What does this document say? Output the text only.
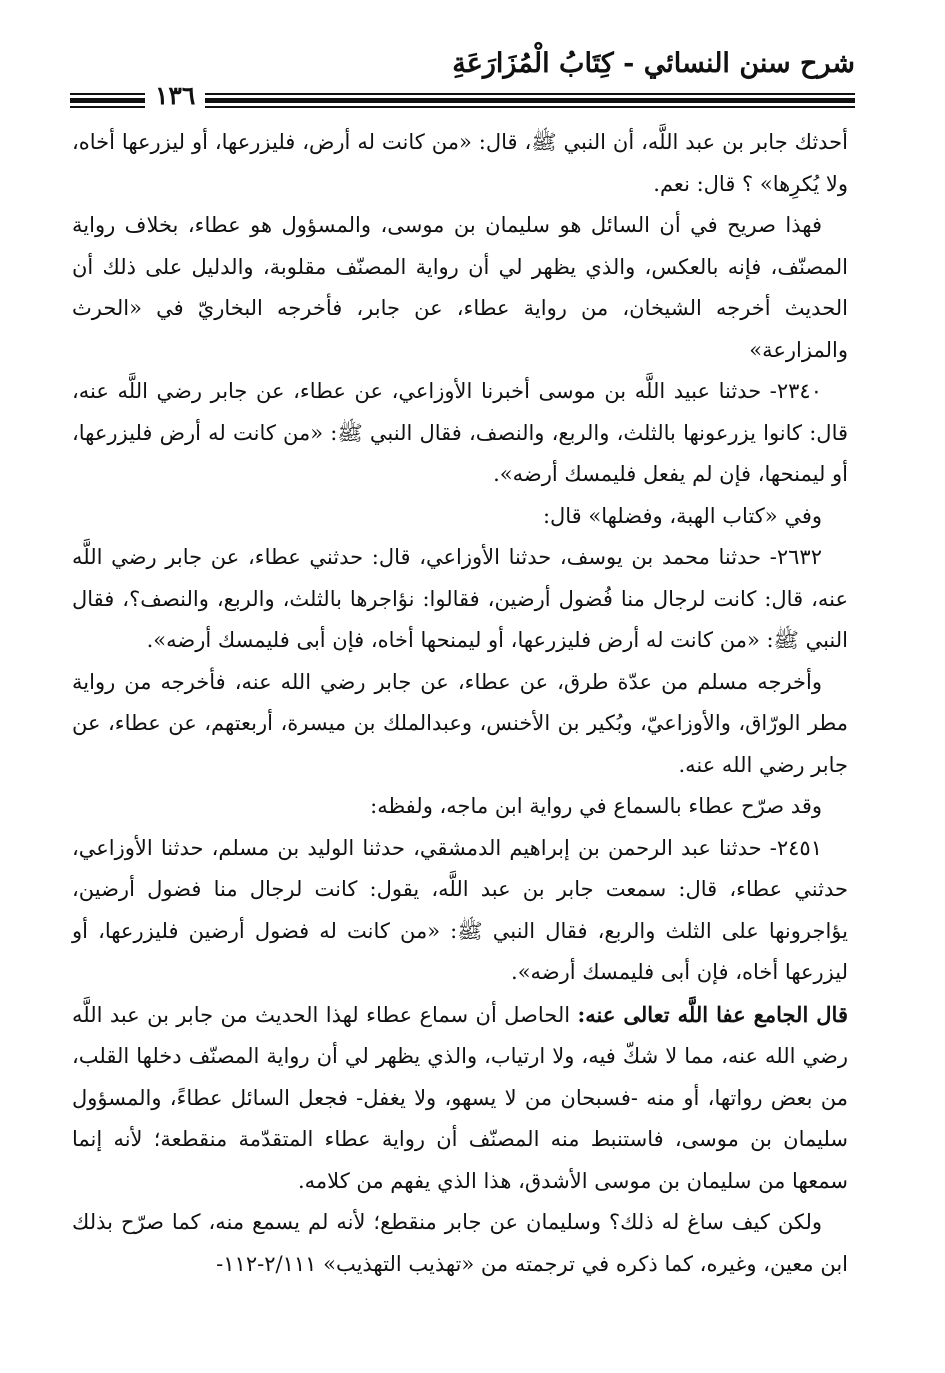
شرح سنن النسائي - كِتَابُ الْمُزَارَعَةِ
١٣٦

أحدثك جابر بن عبد اللَّه، أن النبي ﷺ، قال: «من كانت له أرض، فليزرعها، أو ليزرعها أخاه، ولا يُكرِها» ؟ قال: نعم.

فهذا صريح في أن السائل هو سليمان بن موسى، والمسؤول هو عطاء، بخلاف رواية المصنّف، فإنه بالعكس، والذي يظهر لي أن رواية المصنّف مقلوبة، والدليل على ذلك أن الحديث أخرجه الشيخان، من رواية عطاء، عن جابر، فأخرجه البخاريّ في «الحرث والمزارعة»

٢٣٤٠- حدثنا عبيد اللَّه بن موسى أخبرنا الأوزاعي، عن عطاء، عن جابر رضي اللَّه عنه، قال: كانوا يزرعونها بالثلث، والربع، والنصف، فقال النبي ﷺ: «من كانت له أرض فليزرعها، أو ليمنحها، فإن لم يفعل فليمسك أرضه».

وفي «كتاب الهبة، وفضلها» قال:

٢٦٣٢- حدثنا محمد بن يوسف، حدثنا الأوزاعي، قال: حدثني عطاء، عن جابر رضي اللَّه عنه، قال: كانت لرجال منا فُضول أرضين، فقالوا: نؤاجرها بالثلث، والربع، والنصف؟، فقال النبي ﷺ: «من كانت له أرض فليزرعها، أو ليمنحها أخاه، فإن أبى فليمسك أرضه».

وأخرجه مسلم من عدّة طرق، عن عطاء، عن جابر رضي الله عنه، فأخرجه من رواية مطر الورّاق، والأوزاعيّ، وبُكير بن الأخنس، وعبدالملك بن ميسرة، أربعتهم، عن عطاء، عن جابر رضي الله عنه.

وقد صرّح عطاء بالسماع في رواية ابن ماجه، ولفظه:

٢٤٥١- حدثنا عبد الرحمن بن إبراهيم الدمشقي، حدثنا الوليد بن مسلم، حدثنا الأوزاعي، حدثني عطاء، قال: سمعت جابر بن عبد اللَّه، يقول: كانت لرجال منا فضول أرضين، يؤاجرونها على الثلث والربع، فقال النبي ﷺ: «من كانت له فضول أرضين فليزرعها، أو ليزرعها أخاه، فإن أبى فليمسك أرضه».

قال الجامع عفا اللَّه تعالى عنه: الحاصل أن سماع عطاء لهذا الحديث من جابر بن عبد اللَّه رضي الله عنه، مما لا شكّ فيه، ولا ارتياب، والذي يظهر لي أن رواية المصنّف دخلها القلب، من بعض رواتها، أو منه -فسبحان من لا يسهو، ولا يغفل- فجعل السائل عطاءً، والمسؤول سليمان بن موسى، فاستنبط منه المصنّف أن رواية عطاء المتقدّمة منقطعة؛ لأنه إنما سمعها من سليمان بن موسى الأشدق، هذا الذي يفهم من كلامه.

ولكن كيف ساغ له ذلك؟ وسليمان عن جابر منقطع؛ لأنه لم يسمع منه، كما صرّح بذلك ابن معين، وغيره، كما ذكره في ترجمته من «تهذيب التهذيب» ٢/١١١-١١٢-
